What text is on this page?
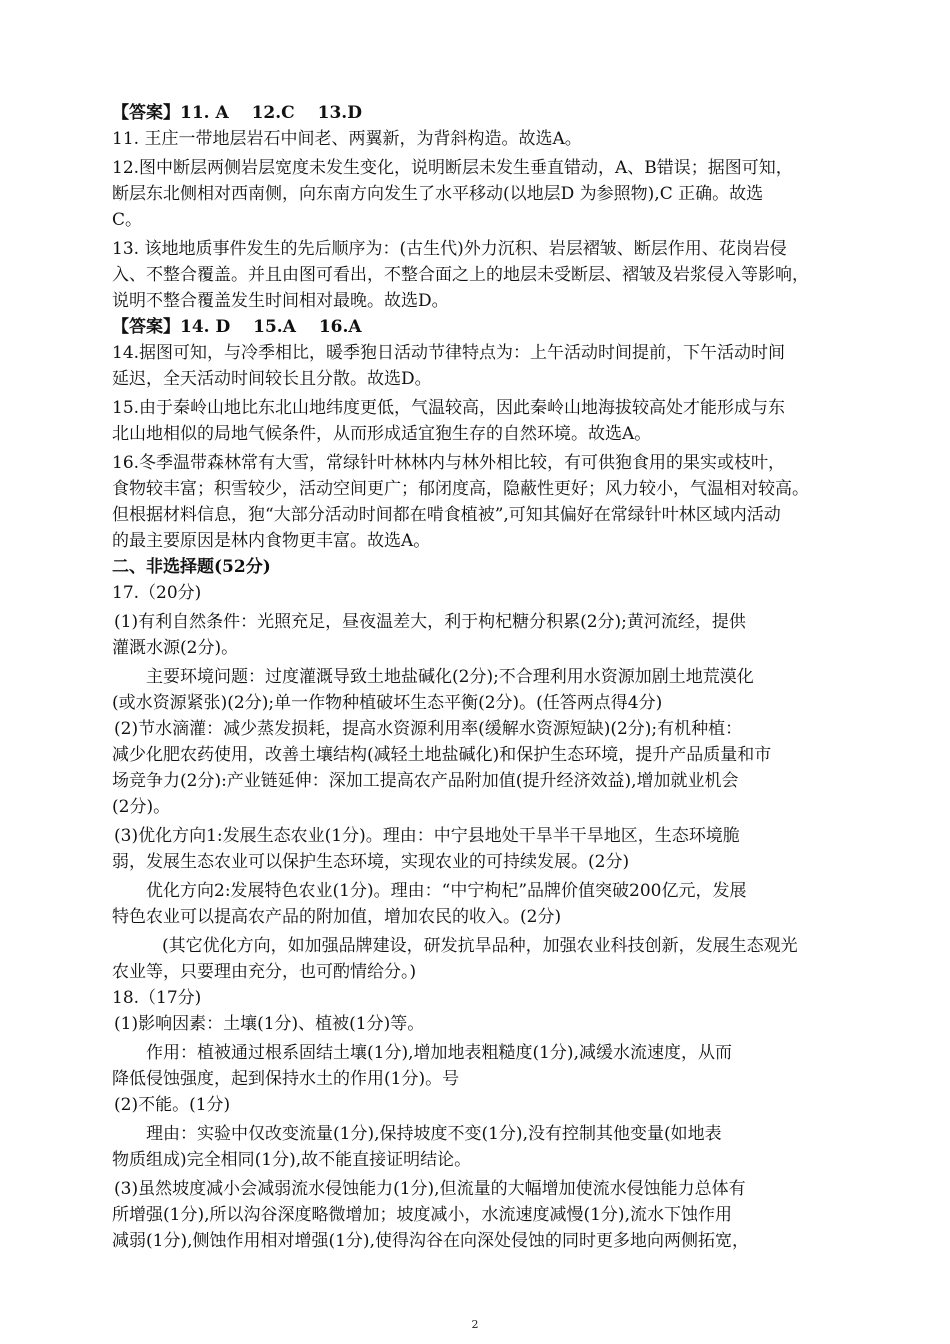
【答案】11. A　 12.C　 13.D
11. 王庄一带地层岩石中间老、两翼新，为背斜构造。故选A。
12.图中断层两侧岩层宽度未发生变化，说明断层未发生垂直错动，A、B错误；据图可知，
断层东北侧相对西南侧，向东南方向发生了水平移动(以地层D 为参照物),C 正确。故选
C。
13. 该地地质事件发生的先后顺序为：(古生代)外力沉积、岩层褶皱、断层作用、花岗岩侵
入、不整合覆盖。并且由图可看出，不整合面之上的地层未受断层、褶皱及岩浆侵入等影响，
说明不整合覆盖发生时间相对最晚。故选D。
【答案】14. D　 15.A　 16.A
14.据图可知，与冷季相比，暖季狍日活动节律特点为：上午活动时间提前，下午活动时间
延迟，全天活动时间较长且分散。故选D。
15.由于秦岭山地比东北山地纬度更低，气温较高，因此秦岭山地海拔较高处才能形成与东
北山地相似的局地气候条件，从而形成适宜狍生存的自然环境。故选A。
16.冬季温带森林常有大雪，常绿针叶林林内与林外相比较，有可供狍食用的果实或枝叶，
食物较丰富；积雪较少，活动空间更广；郁闭度高，隐蔽性更好；风力较小，气温相对较高。
但根据材料信息，狍“大部分活动时间都在啃食植被”,可知其偏好在常绿针叶林区域内活动
的最主要原因是林内食物更丰富。故选A。
二、非选择题(52分)
17.（20分)
(1)有利自然条件：光照充足，昼夜温差大，利于枸杞糖分积累(2分);黄河流经，提供
灌溉水源(2分)。
主要环境问题：过度灌溉导致土地盐碱化(2分);不合理利用水资源加剧土地荒漠化
(或水资源紧张)(2分);单一作物种植破坏生态平衡(2分)。(任答两点得4分)
(2)节水滴灌：减少蒸发损耗，提高水资源利用率(缓解水资源短缺)(2分);有机种植：
减少化肥农药使用，改善土壤结构(减轻土地盐碱化)和保护生态环境，提升产品质量和市
场竞争力(2分):产业链延伸：深加工提高农产品附加值(提升经济效益),增加就业机会
(2分)。
(3)优化方向1:发展生态农业(1分)。理由：中宁县地处干旱半干旱地区，生态环境脆
弱，发展生态农业可以保护生态环境，实现农业的可持续发展。(2分)
优化方向2:发展特色农业(1分)。理由：“中宁枸杞”品牌价值突破200亿元，发展
特色农业可以提高农产品的附加值，增加农民的收入。(2分)
(其它优化方向，如加强品牌建设，研发抗旱品种，加强农业科技创新，发展生态观光
农业等，只要理由充分，也可酌情给分。)
18.（17分)
(1)影响因素：土壤(1分)、植被(1分)等。
作用：植被通过根系固结土壤(1分),增加地表粗糙度(1分),减缓水流速度，从而
降低侵蚀强度，起到保持水土的作用(1分)。号
(2)不能。(1分)
理由：实验中仅改变流量(1分),保持坡度不变(1分),没有控制其他变量(如地表
物质组成)完全相同(1分),故不能直接证明结论。
(3)虽然坡度减小会减弱流水侵蚀能力(1分),但流量的大幅增加使流水侵蚀能力总体有
所增强(1分),所以沟谷深度略微增加；坡度减小，水流速度减慢(1分),流水下蚀作用
减弱(1分),侧蚀作用相对增强(1分),使得沟谷在向深处侵蚀的同时更多地向两侧拓宽，
2
